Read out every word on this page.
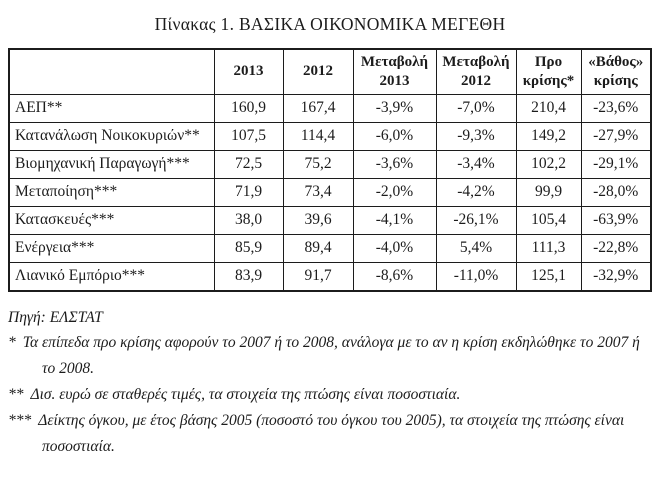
Πίνακας 1. ΒΑΣΙΚΑ ΟΙΚΟΝΟΜΙΚΑ ΜΕΓΕΘΗ
	2013	2012	Μεταβολή 2013	Μεταβολή 2012	Προ κρίσης*	«Βάθος» κρίσης
ΑΕΠ**	160,9	167,4	-3,9%	-7,0%	210,4	-23,6%
Κατανάλωση Νοικοκυριών**	107,5	114,4	-6,0%	-9,3%	149,2	-27,9%
Βιομηχανική Παραγωγή***	72,5	75,2	-3,6%	-3,4%	102,2	-29,1%
Μεταποίηση***	71,9	73,4	-2,0%	-4,2%	99,9	-28,0%
Κατασκευές***	38,0	39,6	-4,1%	-26,1%	105,4	-63,9%
Ενέργεια***	85,9	89,4	-4,0%	5,4%	111,3	-22,8%
Λιανικό Εμπόριο***	83,9	91,7	-8,6%	-11,0%	125,1	-32,9%

Πηγή: ΕΛΣΤΑΤ

* Τα επίπεδα προ κρίσης αφορούν το 2007 ή το 2008, ανάλογα με το αν η κρίση εκδηλώθηκε το 2007 ή το 2008.

** Δισ. ευρώ σε σταθερές τιμές, τα στοιχεία της πτώσης είναι ποσοστιαία.

*** Δείκτης όγκου, με έτος βάσης 2005 (ποσοστό του όγκου του 2005), τα στοιχεία της πτώσης είναι ποσοστιαία.
